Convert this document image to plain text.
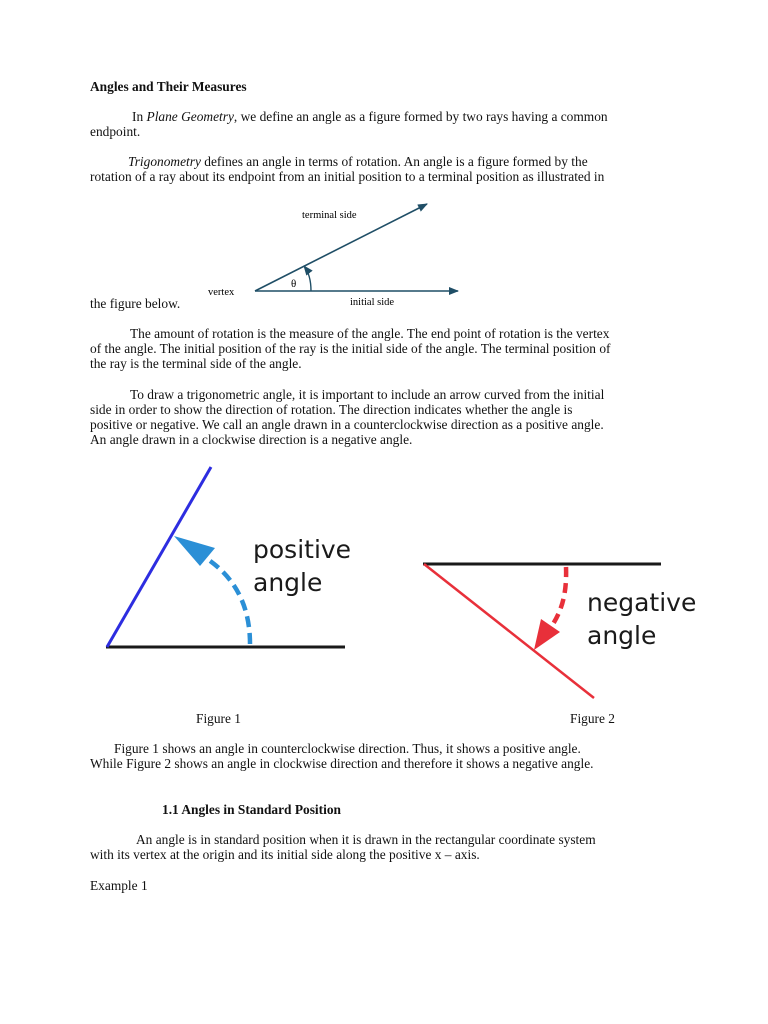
Angles and Their Measures

In Plane Geometry, we define an angle as a figure formed by two rays having a common

endpoint.

Trigonometry defines an angle in terms of rotation. An angle is a figure formed by the

rotation of a ray about its endpoint from an initial position to a terminal position as illustrated in

the figure below.
terminal side
vertex
initial side
θ

The amount of rotation is the measure of the angle. The end point of rotation is the vertex

of the angle. The initial position of the ray is the initial side of the angle. The terminal position of

the ray is the terminal side of the angle.

To draw a trigonometric angle, it is important to include an arrow curved from the initial

side in order to show the direction of rotation. The direction indicates whether the angle is

positive or negative. We call an angle drawn in a counterclockwise direction as a positive angle.

An angle drawn in a clockwise direction is a negative angle.

positive
angle
negative
angle
Figure 1	Figure 2

Figure 1 shows an angle in counterclockwise direction. Thus, it shows a positive angle.

While Figure 2 shows an angle in clockwise direction and therefore it shows a negative angle.

1.1 Angles in Standard Position

An angle is in standard position when it is drawn in the rectangular coordinate system

with its vertex at the origin and its initial side along the positive x – axis.

Example 1
